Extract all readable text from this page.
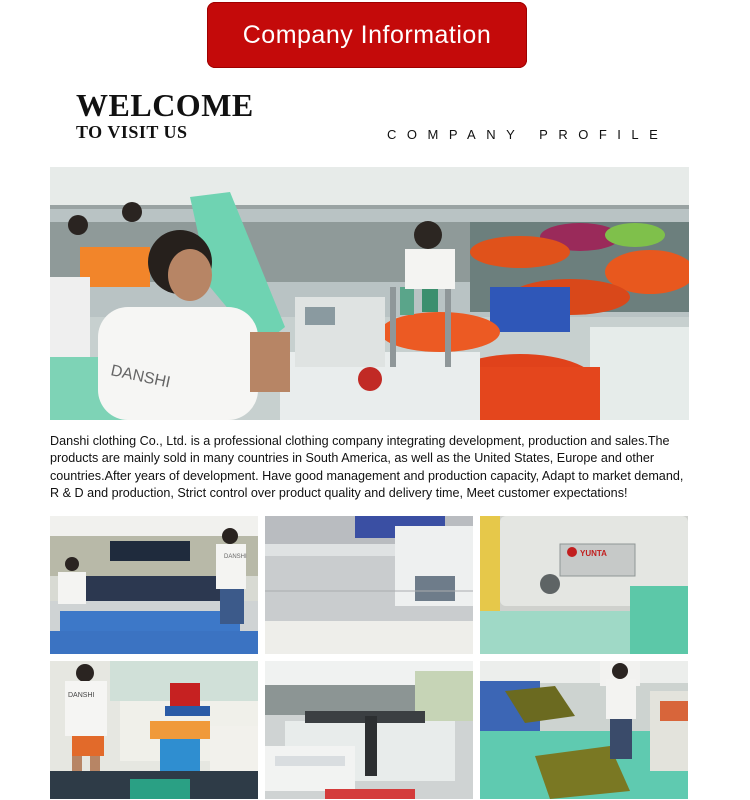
Company Information
WELCOME
TO VISIT US	COMPANY PROFILE
DANSHI
Danshi clothing Co., Ltd. is a professional clothing company integrating development, production and sales.The products are mainly sold in many countries in South America, as well as the United States, Europe and other countries.After years of development. Have good management and production capacity, Adapt to market demand, R & D and production, Strict control over product quality and delivery time, Meet customer expectations!
DANSHI	YUNTA
DANSHI
